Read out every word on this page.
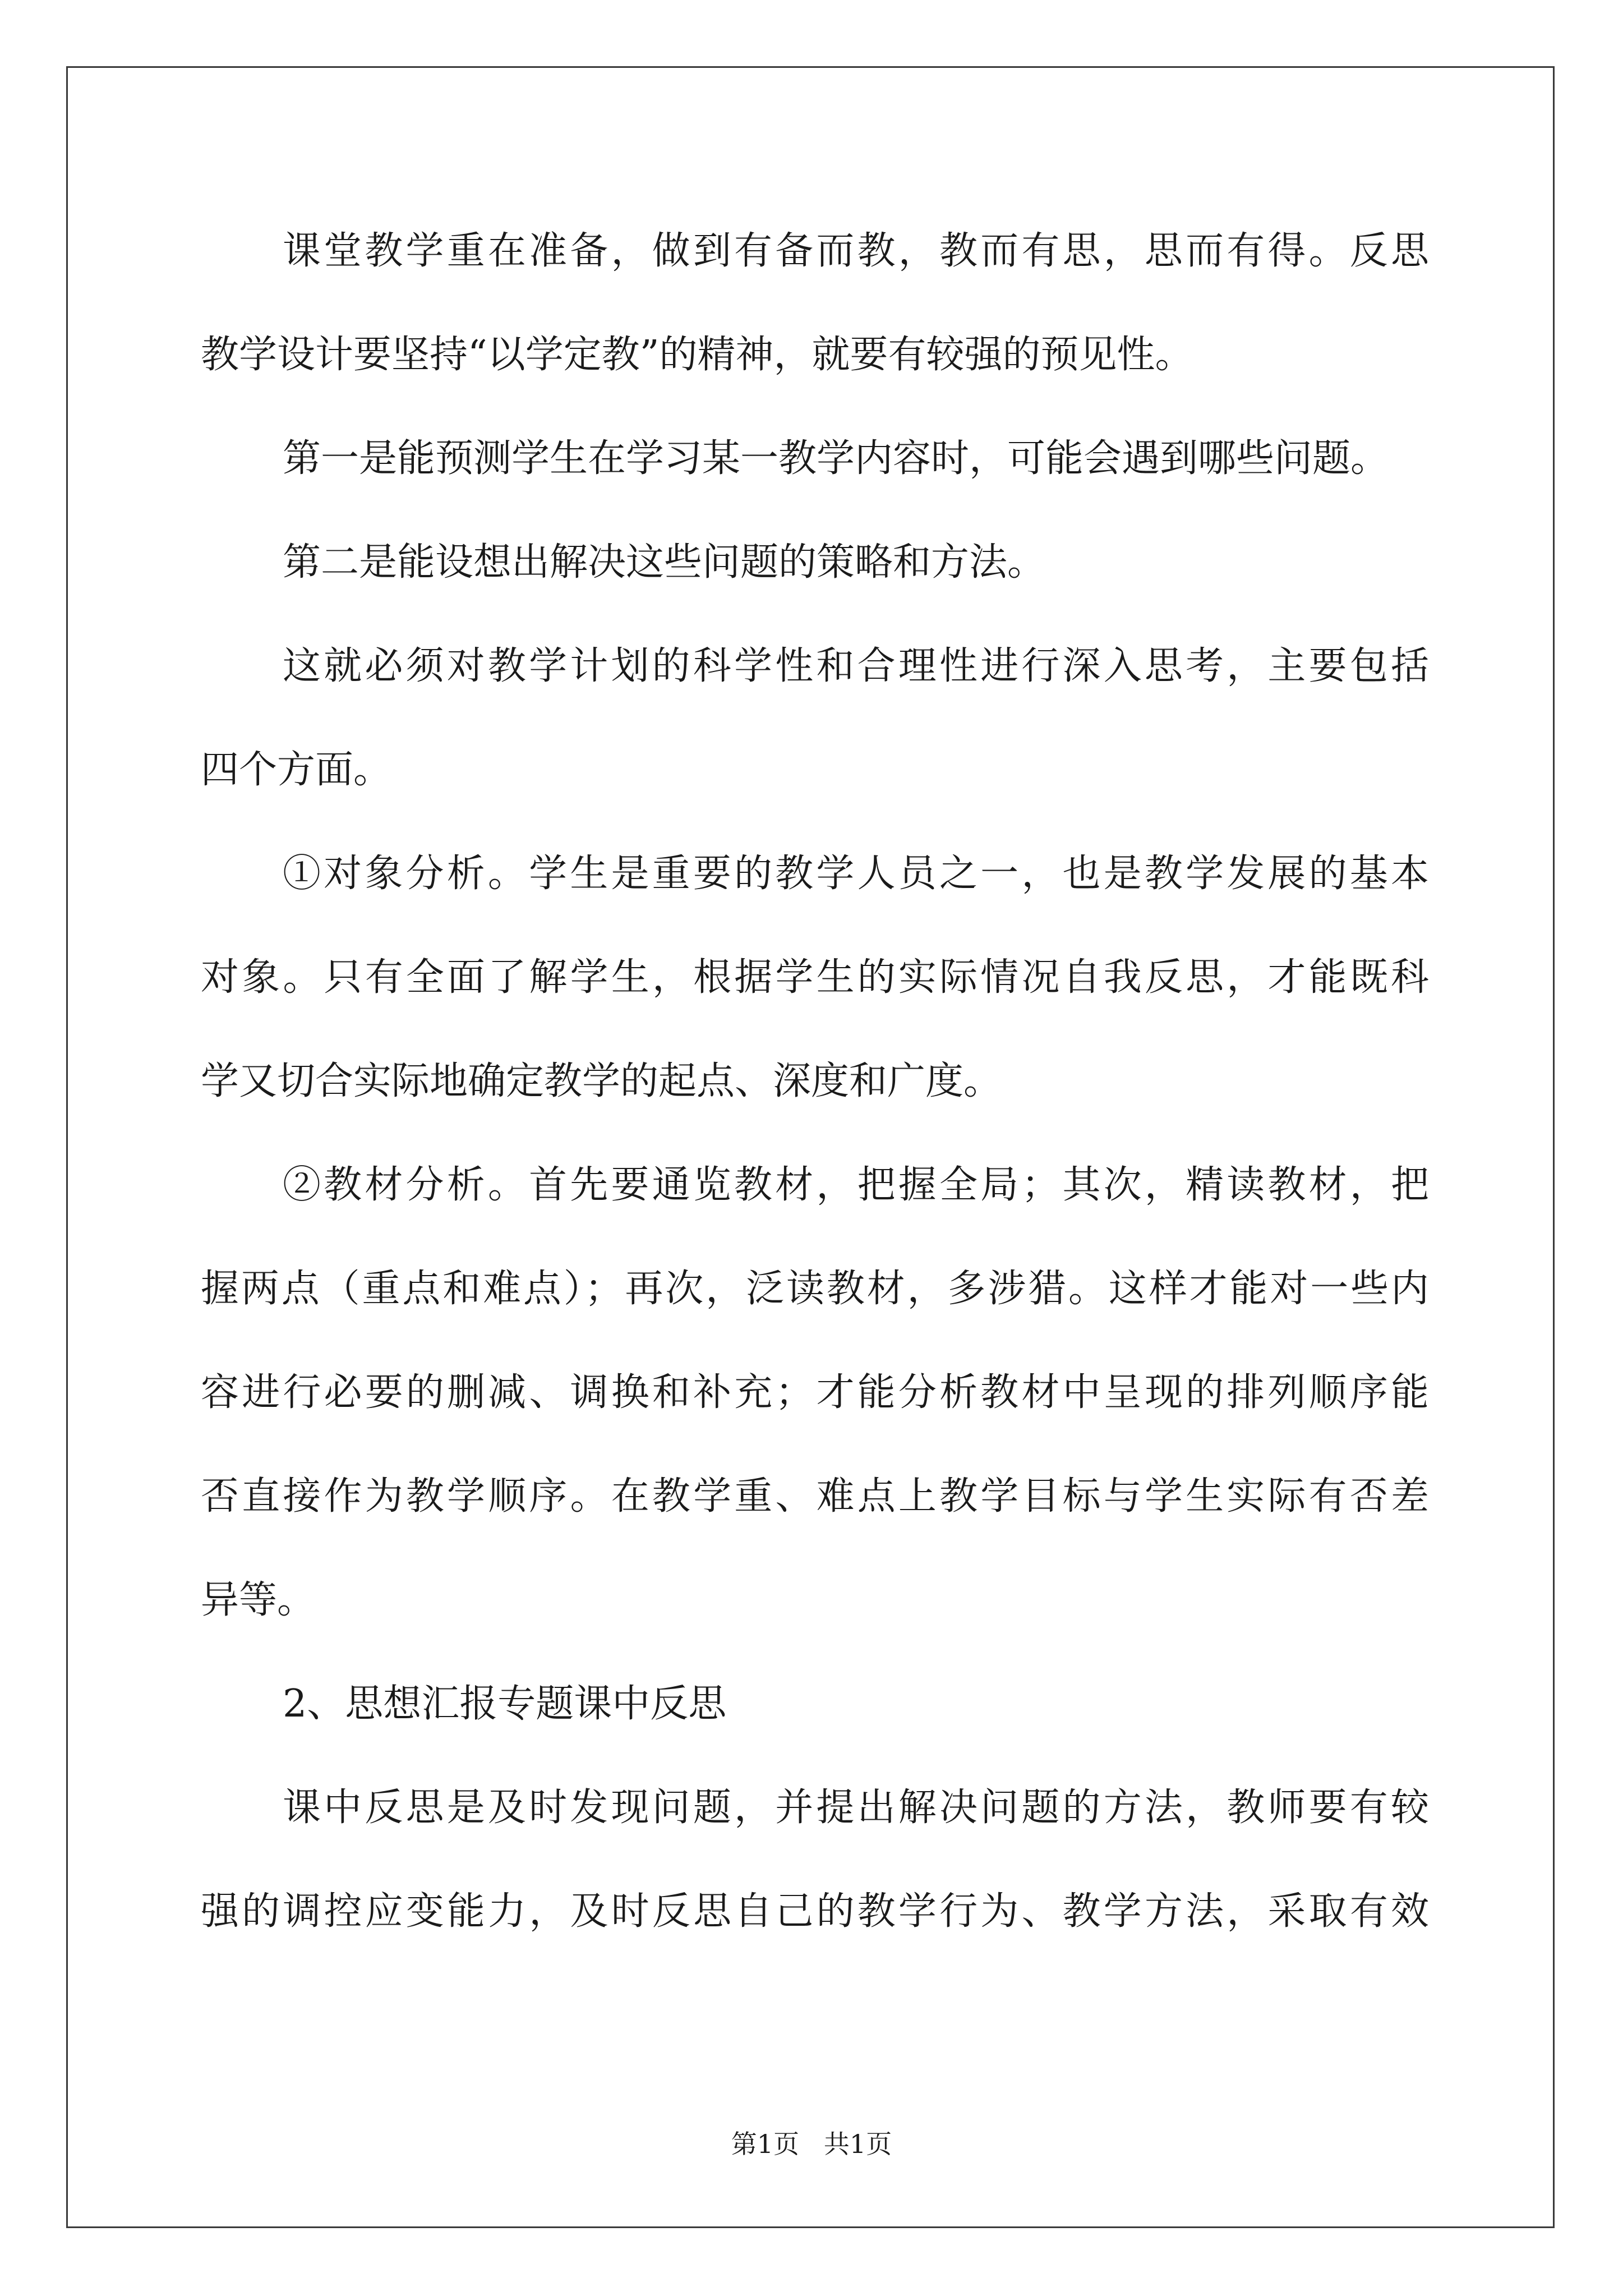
课堂教学重在准备，做到有备而教，教而有思，思而有得。反思
教学设计要坚持“以学定教”的精神，就要有较强的预见性。
第一是能预测学生在学习某一教学内容时，可能会遇到哪些问题。
第二是能设想出解决这些问题的策略和方法。
这就必须对教学计划的科学性和合理性进行深入思考，主要包括
四个方面。
①对象分析。学生是重要的教学人员之一，也是教学发展的基本
对象。只有全面了解学生，根据学生的实际情况自我反思，才能既科
学又切合实际地确定教学的起点、深度和广度。
②教材分析。首先要通览教材，把握全局；其次，精读教材，把
握两点（重点和难点）；再次，泛读教材，多涉猎。这样才能对一些内
容进行必要的删减、调换和补充；才能分析教材中呈现的排列顺序能
否直接作为教学顺序。在教学重、难点上教学目标与学生实际有否差
异等。
2、思想汇报专题课中反思
课中反思是及时发现问题，并提出解决问题的方法，教师要有较
强的调控应变能力，及时反思自己的教学行为、教学方法，采取有效
第1页   共1页
